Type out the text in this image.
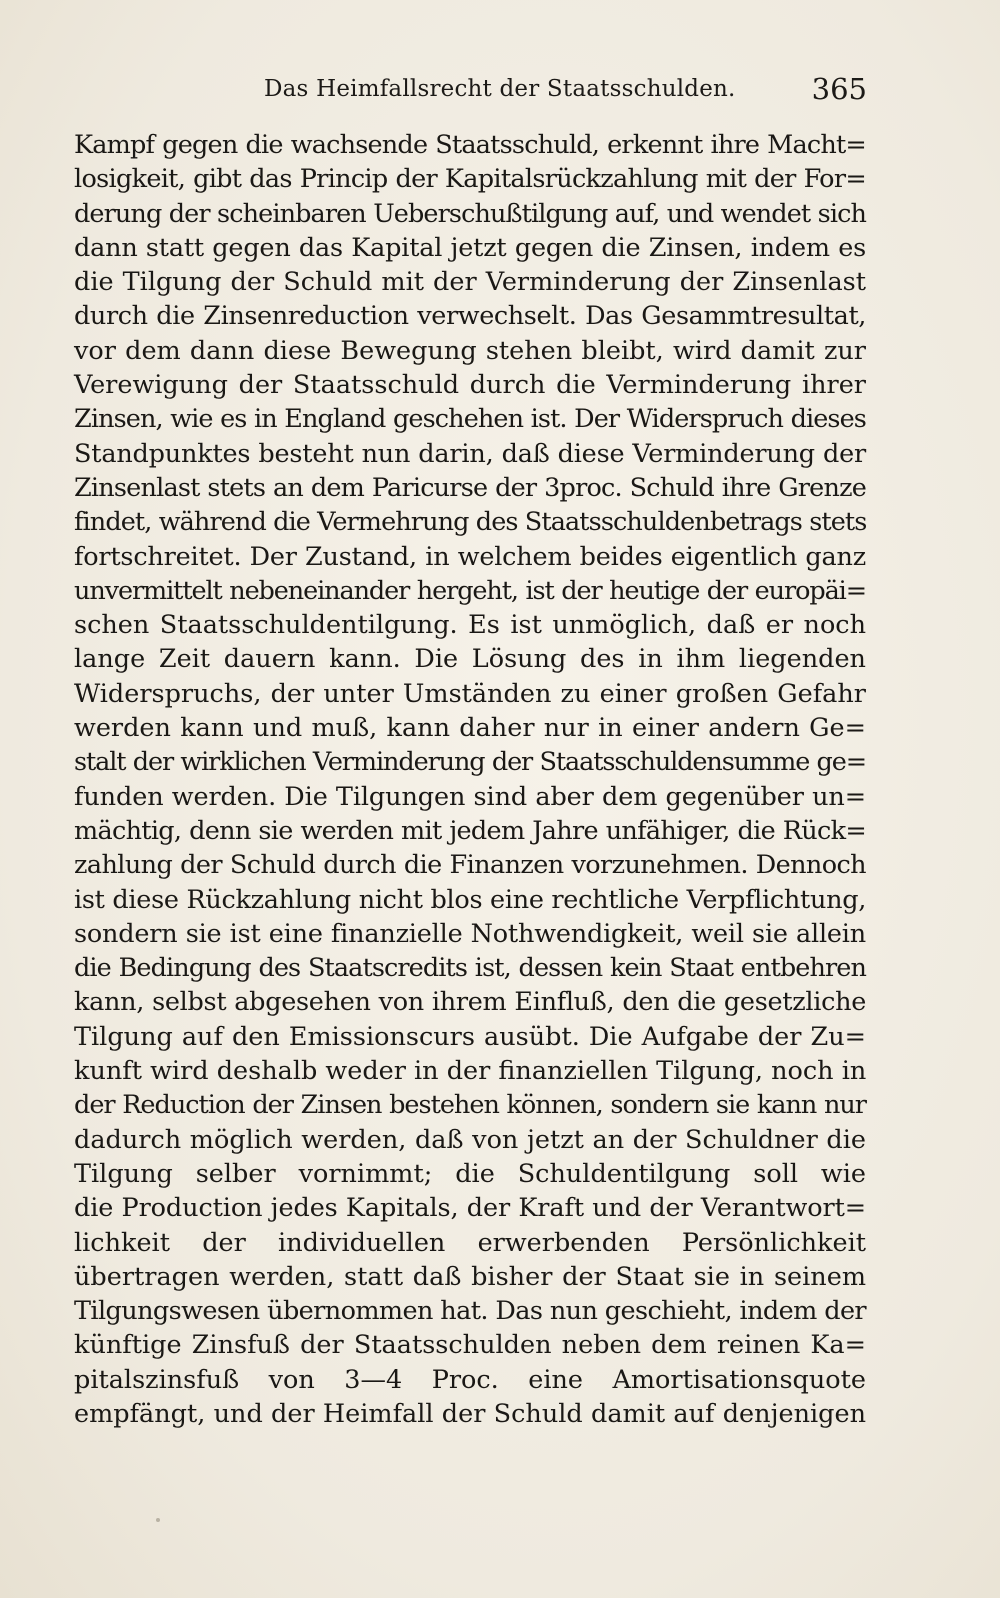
Das Heimfallsrecht der Staatsschulden.	365
Kampf gegen die wachsende Staatsschuld, erkennt ihre Macht=
losigkeit, gibt das Princip der Kapitalsrückzahlung mit der For=
derung der scheinbaren Ueberschußtilgung auf, und wendet sich
dann statt gegen das Kapital jetzt gegen die Zinsen, indem es
die Tilgung der Schuld mit der Verminderung der Zinsenlast
durch die Zinsenreduction verwechselt. Das Gesammtresultat,
vor dem dann diese Bewegung stehen bleibt, wird damit zur
Verewigung der Staatsschuld durch die Verminderung ihrer
Zinsen, wie es in England geschehen ist. Der Widerspruch dieses
Standpunktes besteht nun darin, daß diese Verminderung der
Zinsenlast stets an dem Paricurse der 3proc. Schuld ihre Grenze
findet, während die Vermehrung des Staatsschuldenbetrags stets
fortschreitet. Der Zustand, in welchem beides eigentlich ganz
unvermittelt nebeneinander hergeht, ist der heutige der europäi=
schen Staatsschuldentilgung. Es ist unmöglich, daß er noch
lange Zeit dauern kann. Die Lösung des in ihm liegenden
Widerspruchs, der unter Umständen zu einer großen Gefahr
werden kann und muß, kann daher nur in einer andern Ge=
stalt der wirklichen Verminderung der Staatsschuldensumme ge=
funden werden. Die Tilgungen sind aber dem gegenüber un=
mächtig, denn sie werden mit jedem Jahre unfähiger, die Rück=
zahlung der Schuld durch die Finanzen vorzunehmen. Dennoch
ist diese Rückzahlung nicht blos eine rechtliche Verpflichtung,
sondern sie ist eine finanzielle Nothwendigkeit, weil sie allein
die Bedingung des Staatscredits ist, dessen kein Staat entbehren
kann, selbst abgesehen von ihrem Einfluß, den die gesetzliche
Tilgung auf den Emissionscurs ausübt. Die Aufgabe der Zu=
kunft wird deshalb weder in der finanziellen Tilgung, noch in
der Reduction der Zinsen bestehen können, sondern sie kann nur
dadurch möglich werden, daß von jetzt an der Schuldner die
Tilgung selber vornimmt; die Schuldentilgung soll wie
die Production jedes Kapitals, der Kraft und der Verantwort=
lichkeit der individuellen erwerbenden Persönlichkeit
übertragen werden, statt daß bisher der Staat sie in seinem
Tilgungswesen übernommen hat. Das nun geschieht, indem der
künftige Zinsfuß der Staatsschulden neben dem reinen Ka=
pitalszinsfuß von 3—4 Proc. eine Amortisationsquote
empfängt, und der Heimfall der Schuld damit auf denjenigen
